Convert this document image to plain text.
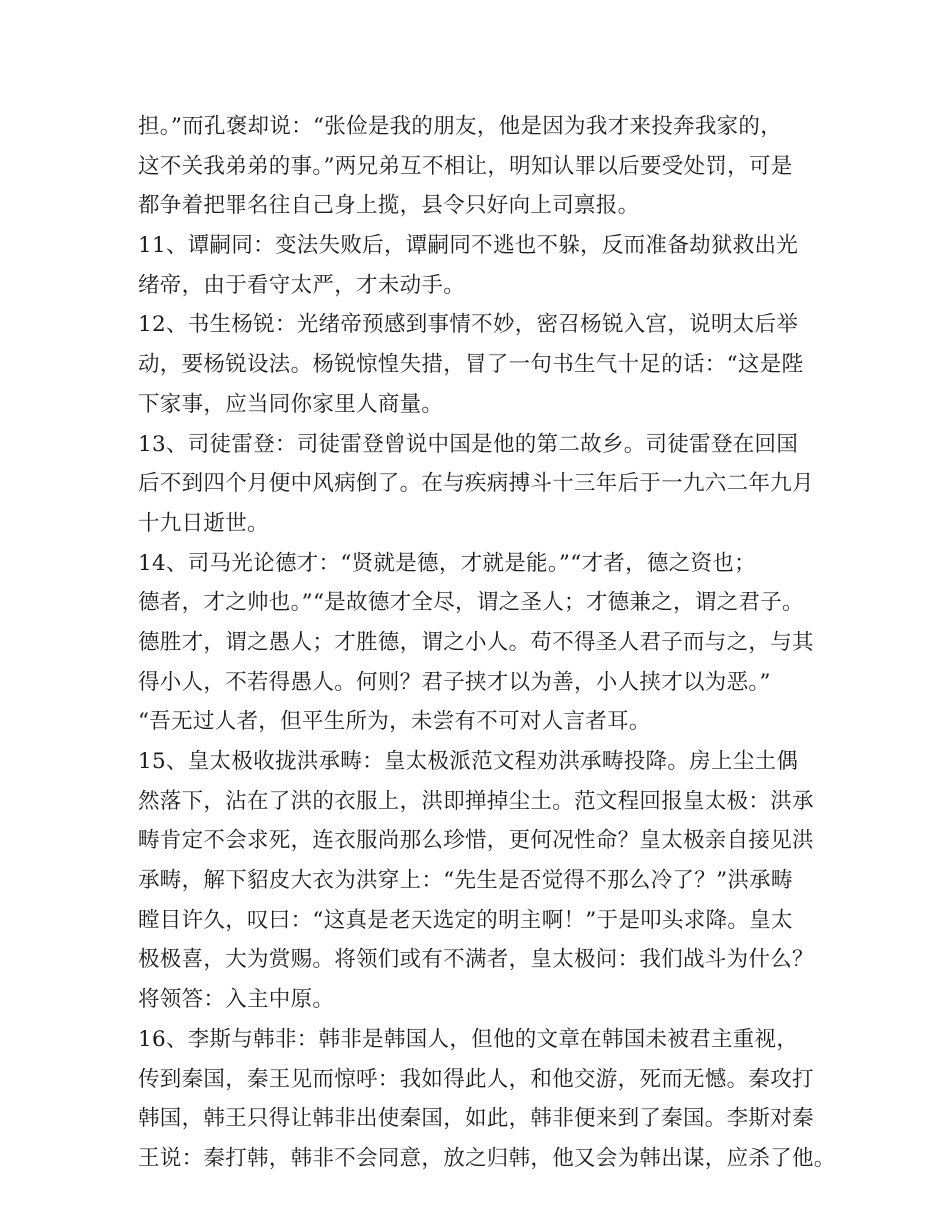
担。”而孔褒却说：“张俭是我的朋友，他是因为我才来投奔我家的，
这不关我弟弟的事。”两兄弟互不相让，明知认罪以后要受处罚，可是
都争着把罪名往自己身上揽，县令只好向上司禀报。
11、谭嗣同：变法失败后，谭嗣同不逃也不躲，反而准备劫狱救出光
绪帝，由于看守太严，才未动手。
12、书生杨锐：光绪帝预感到事情不妙，密召杨锐入宫，说明太后举
动，要杨锐设法。杨锐惊惶失措，冒了一句书生气十足的话：“这是陛
下家事，应当同你家里人商量。
13、司徒雷登：司徒雷登曾说中国是他的第二故乡。司徒雷登在回国
后不到四个月便中风病倒了。在与疾病搏斗十三年后于一九六二年九月
十九日逝世。
14、司马光论德才：“贤就是德，才就是能。”“才者，德之资也；
德者，才之帅也。”“是故德才全尽，谓之圣人；才德兼之，谓之君子。
德胜才，谓之愚人；才胜德，谓之小人。苟不得圣人君子而与之，与其
得小人，不若得愚人。何则？君子挟才以为善，小人挟才以为恶。”
“吾无过人者，但平生所为，未尝有不可对人言者耳。
15、皇太极收拢洪承畴：皇太极派范文程劝洪承畴投降。房上尘土偶
然落下，沾在了洪的衣服上，洪即掸掉尘土。范文程回报皇太极：洪承
畴肯定不会求死，连衣服尚那么珍惜，更何况性命？皇太极亲自接见洪
承畴，解下貂皮大衣为洪穿上：“先生是否觉得不那么冷了？”洪承畴
瞠目许久，叹曰：“这真是老天选定的明主啊！”于是叩头求降。皇太
极极喜，大为赏赐。将领们或有不满者，皇太极问：我们战斗为什么？
将领答：入主中原。
16、李斯与韩非：韩非是韩国人，但他的文章在韩国未被君主重视，
传到秦国，秦王见而惊呼：我如得此人，和他交游，死而无憾。秦攻打
韩国，韩王只得让韩非出使秦国，如此，韩非便来到了秦国。李斯对秦
王说：秦打韩，韩非不会同意，放之归韩，他又会为韩出谋，应杀了他。
